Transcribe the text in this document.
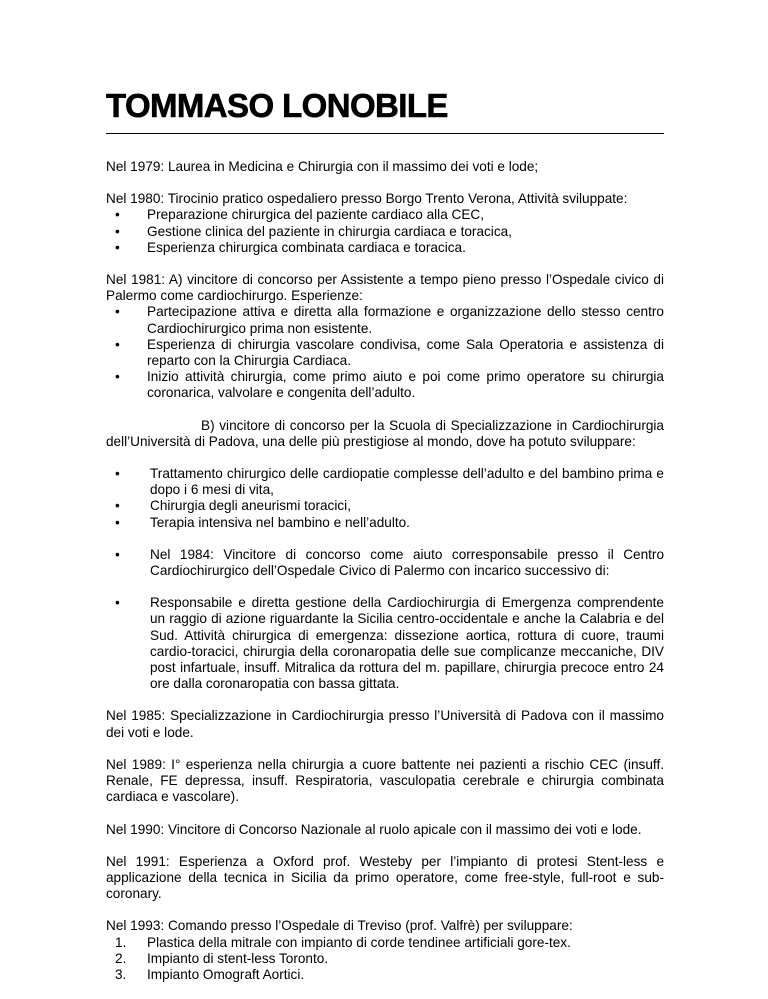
TOMMASO LONOBILE

Nel 1979: Laurea in Medicina e Chirurgia con il massimo dei voti e lode;

Nel 1980: Tirocinio pratico ospedaliero presso Borgo Trento Verona, Attività sviluppate:

• Preparazione chirurgica del paziente cardiaco alla CEC,
• Gestione clinica del paziente in chirurgia cardiaca e toracica,
• Esperienza chirurgica combinata cardiaca e toracica.

Nel 1981: A) vincitore di concorso per Assistente a tempo pieno presso l’Ospedale civico di Palermo come cardiochirurgo. Esperienze:

• Partecipazione attiva e diretta alla formazione e organizzazione dello stesso centro Cardiochirurgico prima non esistente.
• Esperienza di chirurgia vascolare condivisa, come Sala Operatoria e assistenza di reparto con la Chirurgia Cardiaca.
• Inizio attività chirurgia, come primo aiuto e poi come primo operatore su chirurgia coronarica, valvolare e congenita dell’adulto.

B) vincitore di concorso per la Scuola di Specializzazione in Cardiochirurgia dell’Università di Padova, una delle più prestigiose al mondo, dove ha potuto sviluppare:

• Trattamento chirurgico delle cardiopatie complesse dell’adulto e del bambino prima e dopo i 6 mesi di vita,
• Chirurgia degli aneurismi toracici,
• Terapia intensiva nel bambino e nell’adulto.
• Nel 1984: Vincitore di concorso come aiuto corresponsabile presso il Centro Cardiochirurgico dell’Ospedale Civico di Palermo con incarico successivo di:
• Responsabile e diretta gestione della Cardiochirurgia di Emergenza comprendente un raggio di azione riguardante la Sicilia centro-occidentale e anche la Calabria e del Sud. Attività chirurgica di emergenza: dissezione aortica, rottura di cuore, traumi cardio-toracici, chirurgia della coronaropatia delle sue complicanze meccaniche, DIV post infartuale, insuff. Mitralica da rottura del m. papillare, chirurgia precoce entro 24 ore dalla coronaropatia con bassa gittata.

Nel 1985: Specializzazione in Cardiochirurgia presso l’Università di Padova con il massimo dei voti e lode.

Nel 1989: I° esperienza nella chirurgia a cuore battente nei pazienti a rischio CEC (insuff. Renale, FE depressa, insuff. Respiratoria, vasculopatia cerebrale e chirurgia combinata cardiaca e vascolare).

Nel 1990: Vincitore di Concorso Nazionale al ruolo apicale con il massimo dei voti e lode.

Nel 1991: Esperienza a Oxford prof. Westeby per l’impianto di protesi Stent-less e applicazione della tecnica in Sicilia da primo operatore, come free-style, full-root e sub-coronary.

Nel 1993: Comando presso l’Ospedale di Treviso (prof. Valfrè) per sviluppare:

1. Plastica della mitrale con impianto di corde tendinee artificiali gore-tex.
2. Impianto di stent-less Toronto.
3. Impianto Omograft Aortici.
